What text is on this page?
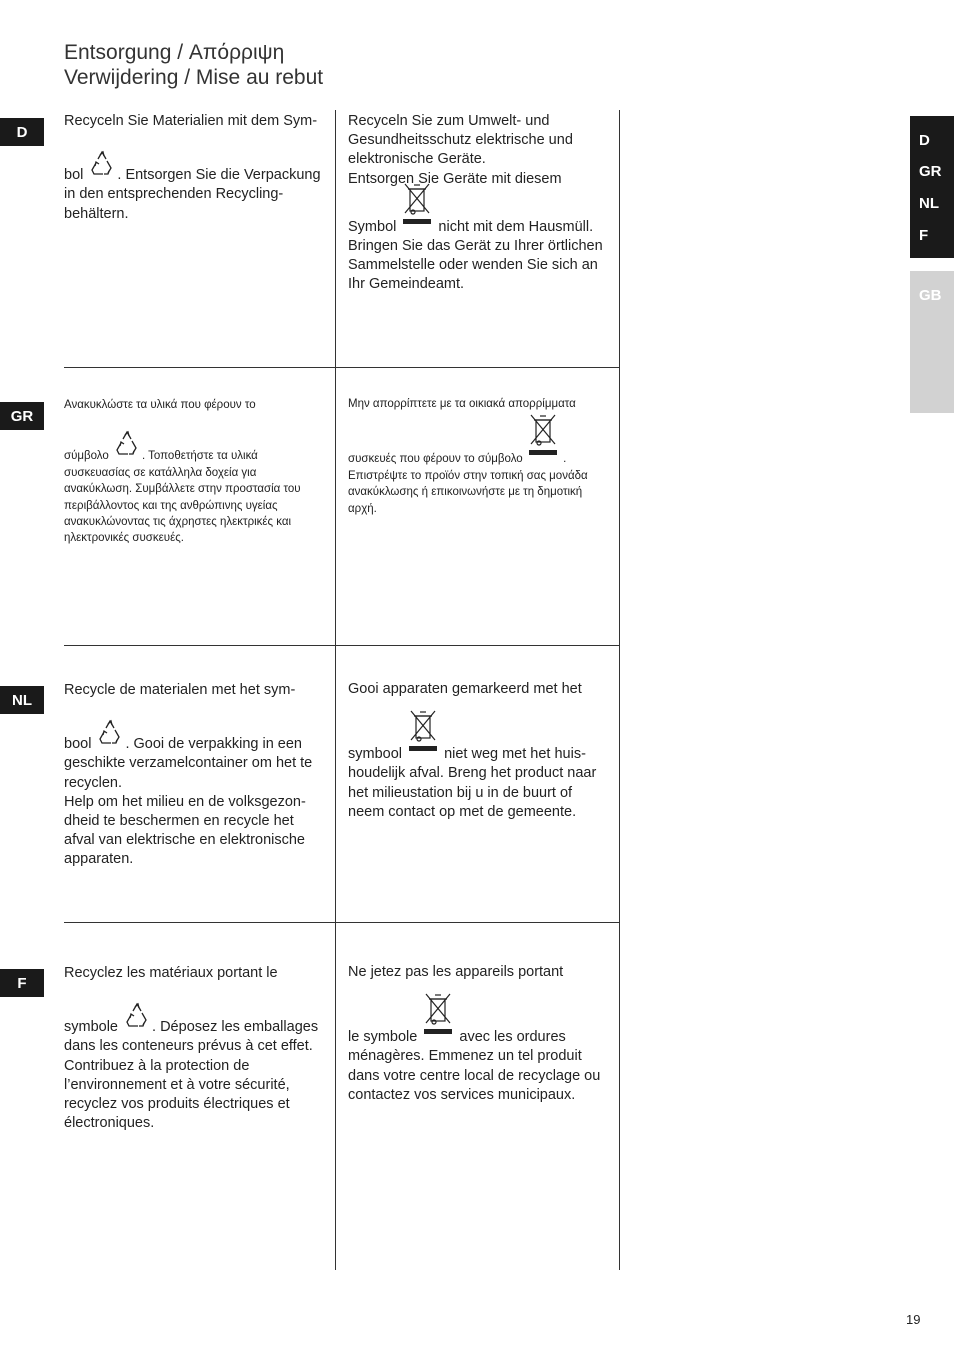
Entsorgung / Απόρριψη
Verwijdering / Mise au rebut
D
GR
NL
F
D
GR
NL
F
GB

Recyceln Sie Materialien mit dem Sym-

bol . Entsorgen Sie die Verpackung in den entsprechenden Recycling-behältern.

Recyceln Sie zum Umwelt- und Gesundheitsschutz elektrische und elektronische Geräte.

Entsorgen Sie Geräte mit diesem

Symbol	nicht mit dem Hausmüll. Bringen Sie das Gerät zu Ihrer örtlichen Sammelstelle oder wenden Sie sich an Ihr Gemeindeamt.

Ανακυκλώστε τα υλικά που φέρουν το

σύμβολο	. Τοποθετήστε τα υλικά συσκευασίας σε κατάλληλα δοχεία για ανακύκλωση. Συμβάλλετε στην προστασία του περιβάλλοντος και της ανθρώπινης υγείας ανακυκλώνοντας τις άχρηστες ηλεκτρικές και ηλεκτρονικές συσκευές.

Μην απορρίπτετε με τα οικιακά απορρίμματα

συσκευές που φέρουν το σύμβολο	. Επιστρέψτε το προϊόν στην τοπική σας μονάδα ανακύκλωσης ή επικοινωνήστε με τη δημοτική αρχή.

Recycle de materialen met het sym-

bool . Gooi de verpakking in een geschikte verzamelcontainer om het te recyclen.

Help om het milieu en de volksgezon-dheid te beschermen en recycle het afval van elektrische en elektronische apparaten.

Gooi apparaten gemarkeerd met het

symbool	niet weg met het huis-houdelijk afval. Breng het product naar het milieustation bij u in de buurt of neem contact op met de gemeente.

Recyclez les matériaux portant le

symbole . Déposez les emballages dans les conteneurs prévus à cet effet. Contribuez à la protection de l’environnement et à votre sécurité, recyclez vos produits électriques et électroniques.

Ne jetez pas les appareils portant

le symbole	avec les ordures ménagères. Emmenez un tel produit dans votre centre local de recyclage ou contactez vos services municipaux.

19
